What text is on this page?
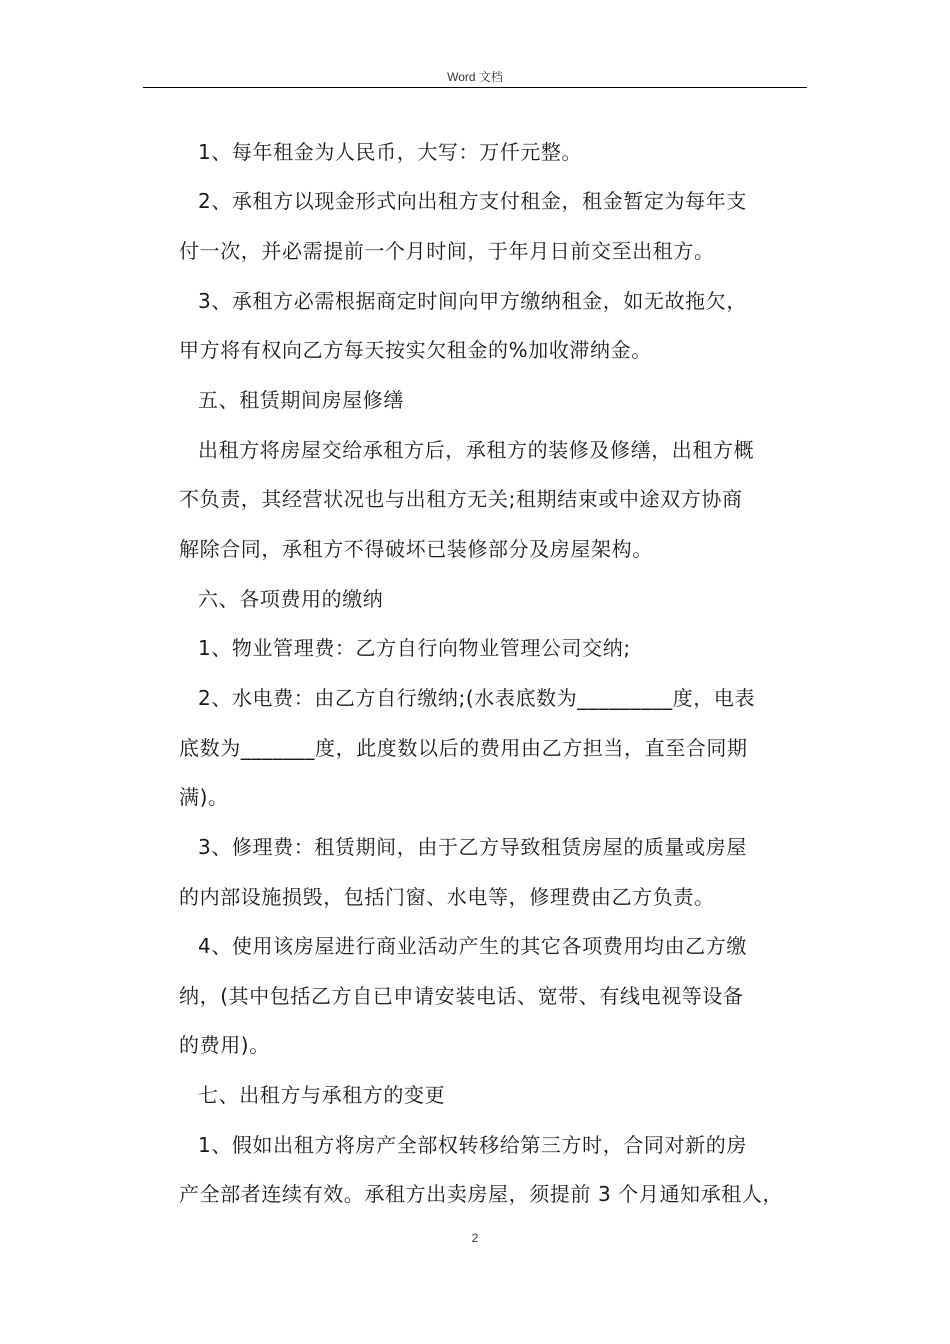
Word 文档
1、每年租金为人民币，大写：万仟元整。
2、承租方以现金形式向出租方支付租金，租金暂定为每年支
付一次，并必需提前一个月时间，于年月日前交至出租方。
3、承租方必需根据商定时间向甲方缴纳租金，如无故拖欠，
甲方将有权向乙方每天按实欠租金的%加收滞纳金。
五、租赁期间房屋修缮
出租方将房屋交给承租方后，承租方的装修及修缮，出租方概
不负责，其经营状况也与出租方无关;租期结束或中途双方协商
解除合同，承租方不得破坏已装修部分及房屋架构。
六、各项费用的缴纳
1、物业管理费：乙方自行向物业管理公司交纳;
2、水电费：由乙方自行缴纳;(水表底数为_________度，电表
底数为_______度，此度数以后的费用由乙方担当，直至合同期
满)。
3、修理费：租赁期间，由于乙方导致租赁房屋的质量或房屋
的内部设施损毁，包括门窗、水电等，修理费由乙方负责。
4、使用该房屋进行商业活动产生的其它各项费用均由乙方缴
纳，(其中包括乙方自已申请安装电话、宽带、有线电视等设备
的费用)。
七、出租方与承租方的变更
1、假如出租方将房产全部权转移给第三方时，合同对新的房
产全部者连续有效。承租方出卖房屋，须提前 3 个月通知承租人，
2
